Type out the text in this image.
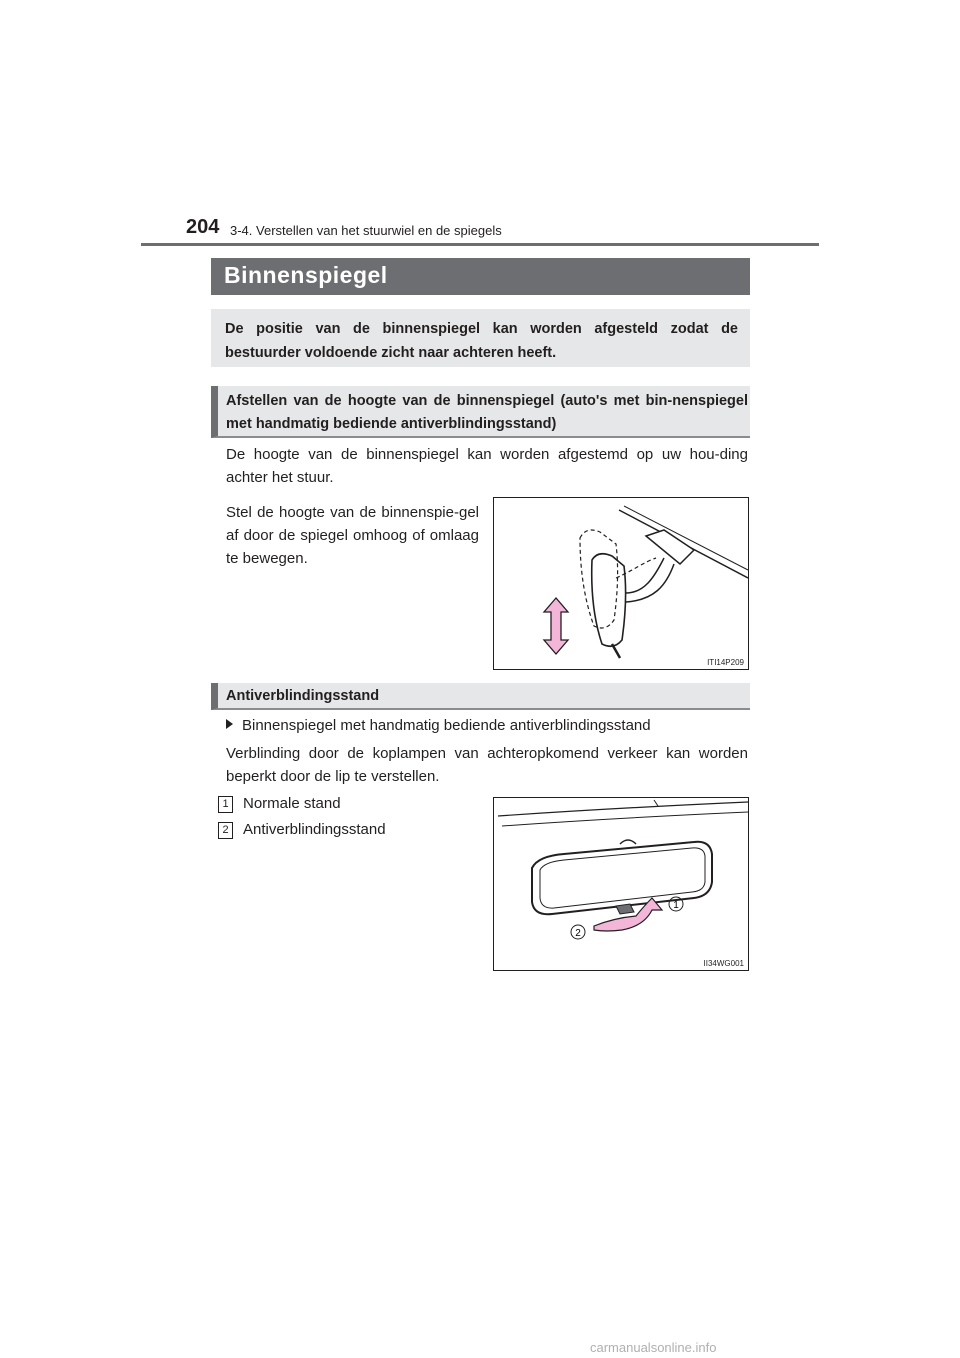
204 3-4. Verstellen van het stuurwiel en de spiegels
Binnenspiegel

De positie van de binnenspiegel kan worden afgesteld zodat de bestuurder voldoende zicht naar achteren heeft.

Afstellen van de hoogte van de binnenspiegel (auto's met bin-nenspiegel met handmatig bediende antiverblindingsstand)

De hoogte van de binnenspiegel kan worden afgestemd op uw hou-ding achter het stuur.

Stel de hoogte van de binnenspie-gel af door de spiegel omhoog of omlaag te bewegen.

ITI14P209

Antiverblindingsstand

Binnenspiegel met handmatig bediende antiverblindingsstand

Verblinding door de koplampen van achteropkomend verkeer kan worden beperkt door de lip te verstellen.

1 Normale stand
2 Antiverblindingsstand
1
2
II34WG001
carmanualsonline.info
